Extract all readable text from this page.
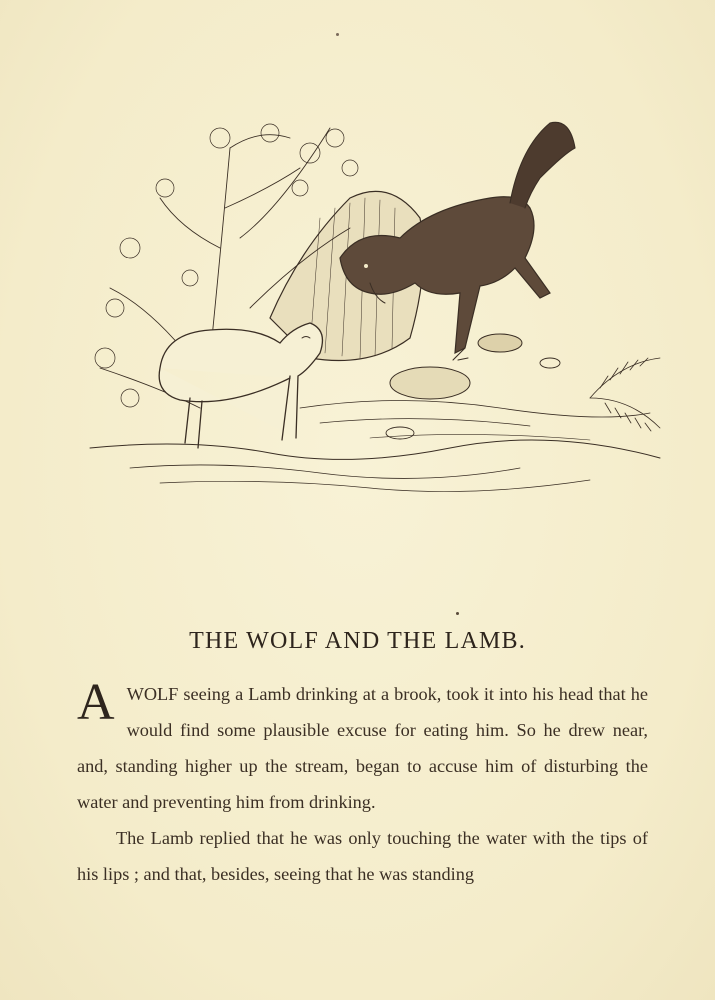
THE WOLF AND THE LAMB.

AWOLF seeing a Lamb drinking at a brook, took it into his head that he would find some plausible excuse for eating him. So he drew near, and, standing higher up the stream, began to accuse him of disturbing the water and preventing him from drinking.

The Lamb replied that he was only touching the water with the tips of his lips ; and that, besides, seeing that he was standing
